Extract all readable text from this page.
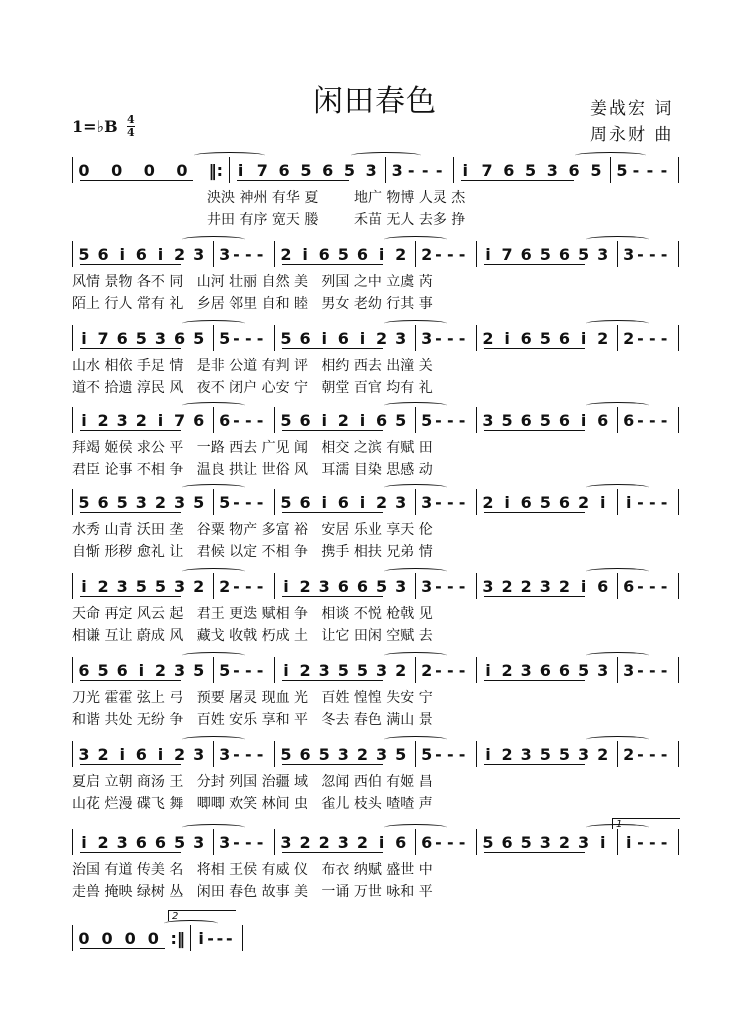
闲田春色	姜战宏 词
周永财 曲
1=♭B 4
4
0 0 0 0 ‖: i 7 6 5 6 5 3 3 - - - i 7 6 5 3 6 5 5 - - -
泱泱 神州 有华 夏        地广 物博 人灵 杰
井田 有序 宽天 媵        禾苗 无人 去多 挣
5 6 i 6 i 2 3 3 - - - 2 i 6 5 6 i 2 2 - - - i 7 6 5 6 5 3 3 - - -
风情 景物 各不 同   山河 壮丽 自然 美   列国 之中 立虞 芮
陌上 行人 常有 礼   乡居 邻里 自和 睦   男女 老幼 行其 事
i 7 6 5 3 6 5 5 - - - 5 6 i 6 i 2 3 3 - - - 2 i 6 5 6 i 2 2 - - -
山水 相依 手足 情   是非 公道 有判 评   相约 西去 出潼 关
道不 拾遗 淳民 风   夜不 闭户 心安 宁   朝堂 百官 均有 礼
i 2 3 2 i 7 6 6 - - - 5 6 i 2 i 6 5 5 - - - 3 5 6 5 6 i 6 6 - - -
拜竭 姬侯 求公 平   一路 西去 广见 闻   相交 之滨 有赋 田
君臣 论事 不相 争   温良 拱让 世俗 风   耳濡 目染 思感 动
5 6 5 3 2 3 5 5 - - - 5 6 i 6 i 2 3 3 - - - 2 i 6 5 6 2 i i - - -
水秀 山青 沃田 垄   谷粟 物产 多富 裕   安居 乐业 享天 伦
自惭 形秽 愈礼 让   君候 以定 不相 争   携手 相扶 兄弟 情
i 2 3 5 5 3 2 2 - - - i 2 3 6 6 5 3 3 - - - 3 2 2 3 2 i 6 6 - - -
天命 再定 风云 起   君王 更迭 赋相 争   相谈 不悦 枪戟 见
相谦 互让 蔚成 风   藏戈 收戟 朽成 土   让它 田闲 空赋 去
6 5 6 i 2 3 5 5 - - - i 2 3 5 5 3 2 2 - - - i 2 3 6 6 5 3 3 - - -
刀光 霍霍 弦上 弓   预要 屠灵 现血 光   百姓 惶惶 失安 宁
和谐 共处 无纷 争   百姓 安乐 享和 平   冬去 春色 满山 景
3 2 i 6 i 2 3 3 - - - 5 6 5 3 2 3 5 5 - - - i 2 3 5 5 3 2 2 - - -
夏启 立朝 商汤 王   分封 列国 治疆 域   忽闻 西伯 有姬 昌
山花 烂漫 碟飞 舞   唧唧 欢笑 林间 虫   雀儿 枝头 喳喳 声
i 2 3 6 6 5 3 3 - - - 3 2 2 3 2 i 6 6 - - - 5 6 5 3 2 3 i i - - -
治国 有道 传美 名   将相 王侯 有威 仪   布衣 纳赋 盛世 中
走兽 掩映 绿树 丛   闲田 春色 故事 美   一诵 万世 咏和 平
0 0 0 0 :‖ i - - -
1
2
